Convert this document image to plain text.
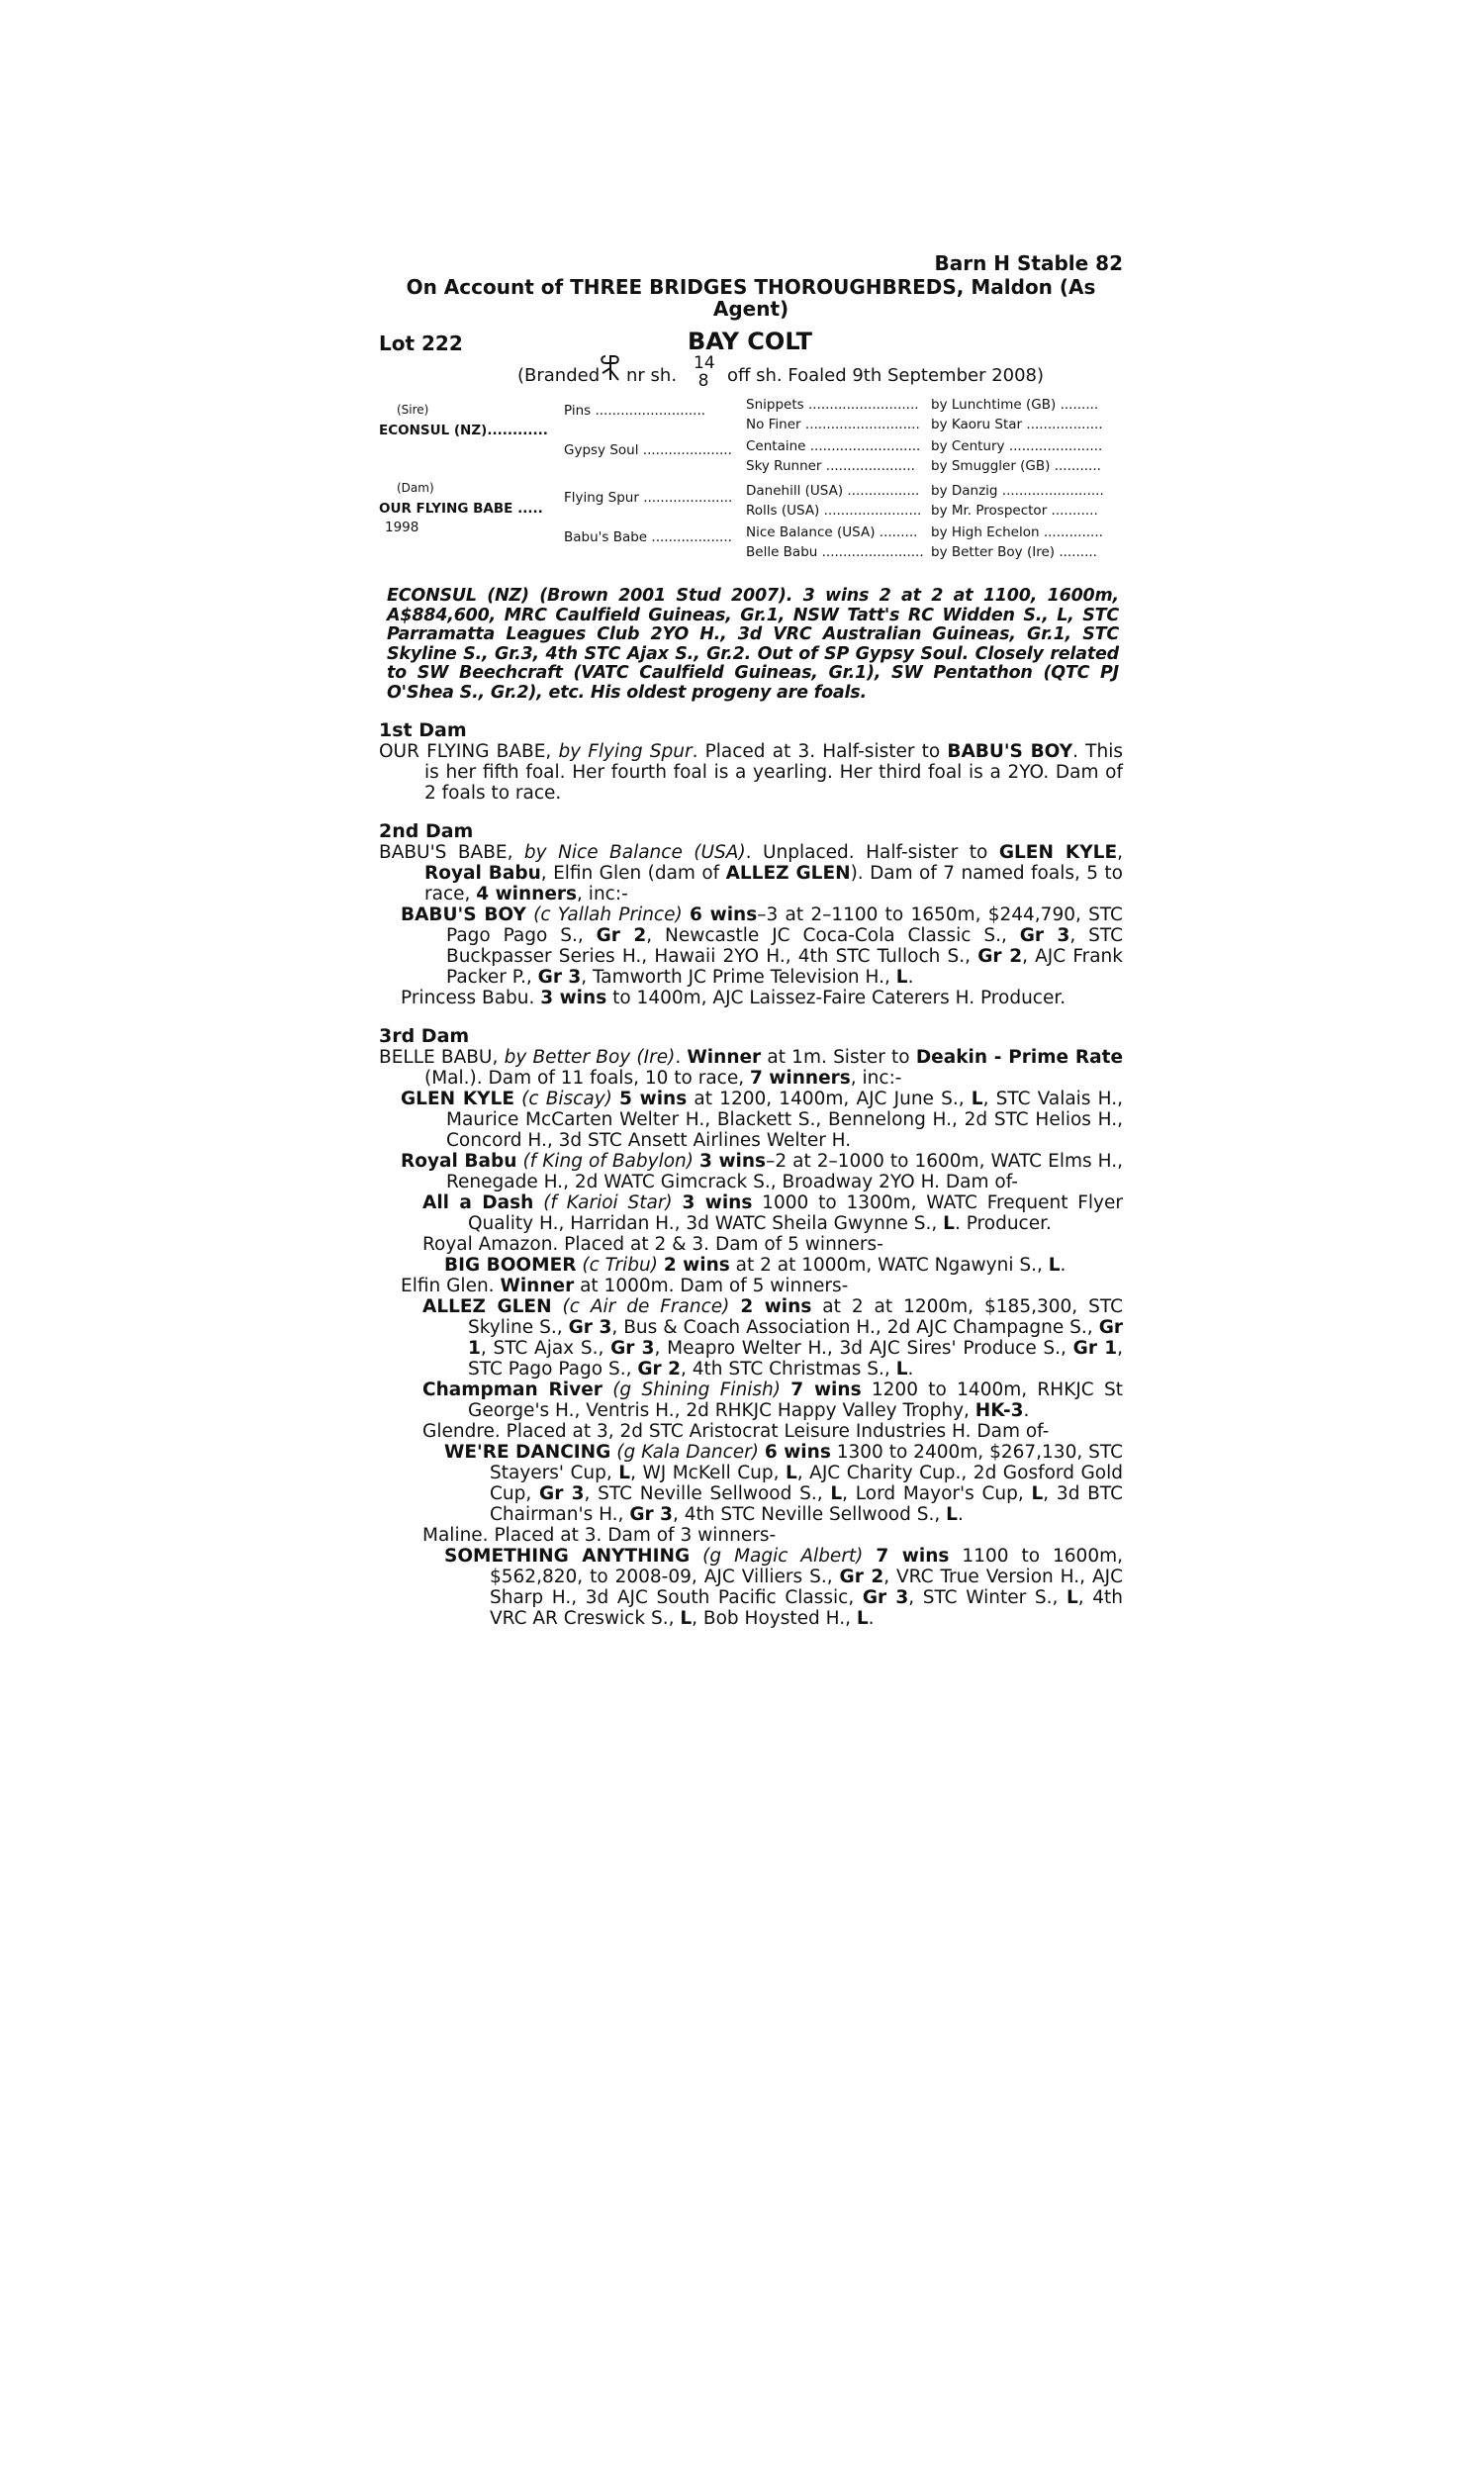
Barn H Stable 82
On Account of THREE BRIDGES THOROUGHBREDS, Maldon (As Agent)
Lot 222	BAY COLT
(Branded nr sh.
14
8 off sh. Foaled 9th September 2008)
(Sire)
ECONSUL (NZ)............
(Dam)
OUR FLYING BABE .....
1998
Pins ..........................
Gypsy Soul .....................
Flying Spur .....................
Babu's Babe ...................
Snippets ..........................
No Finer ...........................
Centaine ..........................
Sky Runner .....................
Danehill (USA) .................
Rolls (USA) .......................
Nice Balance (USA) .........
Belle Babu ........................
by Lunchtime (GB) .........
by Kaoru Star ..................
by Century ......................
by Smuggler (GB) ...........
by Danzig ........................
by Mr. Prospector ...........
by High Echelon ..............
by Better Boy (Ire) .........
ECONSUL (NZ) (Brown 2001 Stud 2007). 3 wins 2 at 2 at 1100, 1600m, A$884,600, MRC Caulfield Guineas, Gr.1, NSW Tatt's RC Widden S., L, STC Parramatta Leagues Club 2YO H., 3d VRC Australian Guineas, Gr.1, STC Skyline S., Gr.3, 4th STC Ajax S., Gr.2. Out of SP Gypsy Soul. Closely related to SW Beechcraft (VATC Caulfield Guineas, Gr.1), SW Pentathon (QTC PJ O'Shea S., Gr.2), etc. His oldest progeny are foals.
1st Dam
OUR FLYING BABE, by Flying Spur. Placed at 3. Half-sister to BABU'S BOY. This is her fifth foal. Her fourth foal is a yearling. Her third foal is a 2YO. Dam of 2 foals to race.
2nd Dam
BABU'S BABE, by Nice Balance (USA). Unplaced. Half-sister to GLEN KYLE, Royal Babu, Elfin Glen (dam of ALLEZ GLEN). Dam of 7 named foals, 5 to race, 4 winners, inc:-
BABU'S BOY (c Yallah Prince) 6 wins–3 at 2–1100 to 1650m, $244,790, STC Pago Pago S., Gr 2, Newcastle JC Coca-Cola Classic S., Gr 3, STC Buckpasser Series H., Hawaii 2YO H., 4th STC Tulloch S., Gr 2, AJC Frank Packer P., Gr 3, Tamworth JC Prime Television H., L.
Princess Babu. 3 wins to 1400m, AJC Laissez-Faire Caterers H. Producer.
3rd Dam
BELLE BABU, by Better Boy (Ire). Winner at 1m. Sister to Deakin - Prime Rate (Mal.). Dam of 11 foals, 10 to race, 7 winners, inc:-
GLEN KYLE (c Biscay) 5 wins at 1200, 1400m, AJC June S., L, STC Valais H., Maurice McCarten Welter H., Blackett S., Bennelong H., 2d STC Helios H., Concord H., 3d STC Ansett Airlines Welter H.
Royal Babu (f King of Babylon) 3 wins–2 at 2–1000 to 1600m, WATC Elms H., Renegade H., 2d WATC Gimcrack S., Broadway 2YO H. Dam of-
All a Dash (f Karioi Star) 3 wins 1000 to 1300m, WATC Frequent Flyer Quality H., Harridan H., 3d WATC Sheila Gwynne S., L. Producer.
Royal Amazon. Placed at 2 & 3. Dam of 5 winners-
BIG BOOMER (c Tribu) 2 wins at 2 at 1000m, WATC Ngawyni S., L.
Elfin Glen. Winner at 1000m. Dam of 5 winners-
ALLEZ GLEN (c Air de France) 2 wins at 2 at 1200m, $185,300, STC Skyline S., Gr 3, Bus & Coach Association H., 2d AJC Champagne S., Gr 1, STC Ajax S., Gr 3, Meapro Welter H., 3d AJC Sires' Produce S., Gr 1, STC Pago Pago S., Gr 2, 4th STC Christmas S., L.
Champman River (g Shining Finish) 7 wins 1200 to 1400m, RHKJC St George's H., Ventris H., 2d RHKJC Happy Valley Trophy, HK-3.
Glendre. Placed at 3, 2d STC Aristocrat Leisure Industries H. Dam of-
WE'RE DANCING (g Kala Dancer) 6 wins 1300 to 2400m, $267,130, STC Stayers' Cup, L, WJ McKell Cup, L, AJC Charity Cup., 2d Gosford Gold Cup, Gr 3, STC Neville Sellwood S., L, Lord Mayor's Cup, L, 3d BTC Chairman's H., Gr 3, 4th STC Neville Sellwood S., L.
Maline. Placed at 3. Dam of 3 winners-
SOMETHING ANYTHING (g Magic Albert) 7 wins 1100 to 1600m, $562,820, to 2008-09, AJC Villiers S., Gr 2, VRC True Version H., AJC Sharp H., 3d AJC South Pacific Classic, Gr 3, STC Winter S., L, 4th VRC AR Creswick S., L, Bob Hoysted H., L.
